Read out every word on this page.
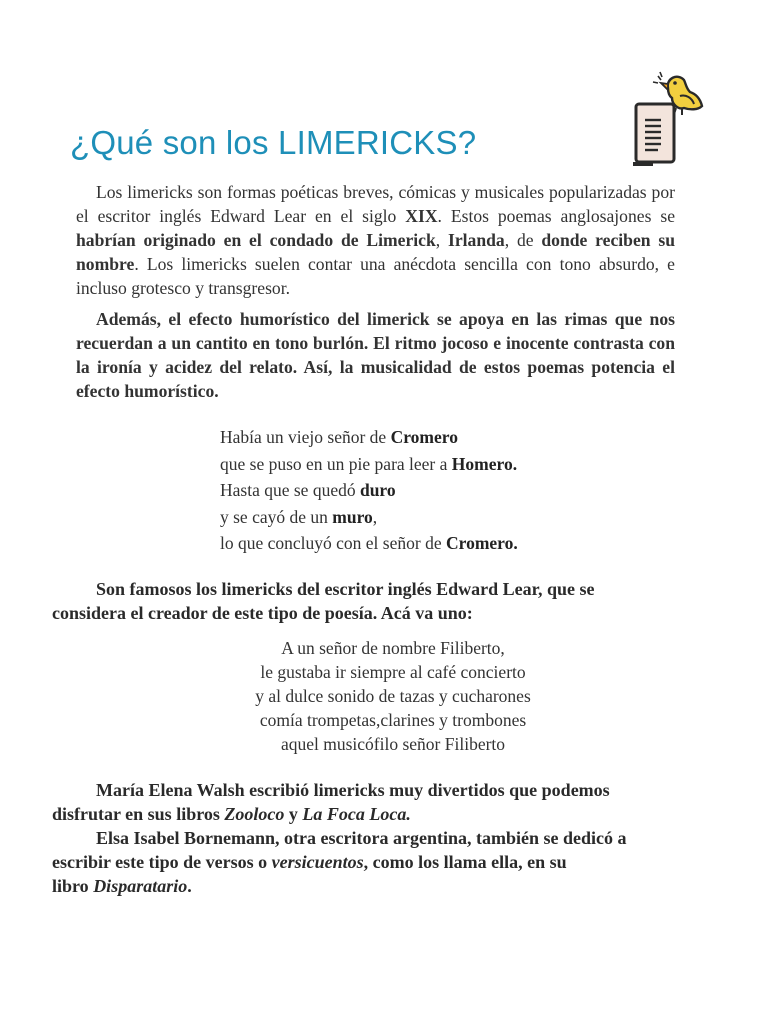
¿Qué son los LIMERICKS?

Los limericks son formas poéticas breves, cómicas y musicales popularizadas por el escritor inglés Edward Lear en el siglo XIX. Estos poemas anglosajones se habrían originado en el condado de Limerick, Irlanda, de donde reciben su nombre. Los limericks suelen contar una anécdota sencilla con tono absurdo, e incluso grotesco y transgresor.

Además, el efecto humorístico del limerick se apoya en las rimas que nos recuerdan a un cantito en tono burlón. El ritmo jocoso e inocente contrasta con la ironía y acidez del relato. Así, la musicalidad de estos poemas potencia el efecto humorístico.

Había un viejo señor de Cromero
que se puso en un pie para leer a Homero.
Hasta que se quedó duro
y se cayó de un muro,
lo que concluyó con el señor de Cromero.

Son famosos los limericks del escritor inglés Edward Lear, que se
considera el creador de este tipo de poesía. Acá va uno:

A un señor de nombre Filiberto,
le gustaba ir siempre al café concierto
y al dulce sonido de tazas y cucharones
comía trompetas,clarines y trombones
aquel musicófilo señor Filiberto

María Elena Walsh escribió limericks muy divertidos que podemos
disfrutar en sus libros Zooloco y La Foca Loca.
Elsa Isabel Bornemann, otra escritora argentina, también se dedicó a
escribir este tipo de versos o versicuentos, como los llama ella, en su
libro Disparatario.
